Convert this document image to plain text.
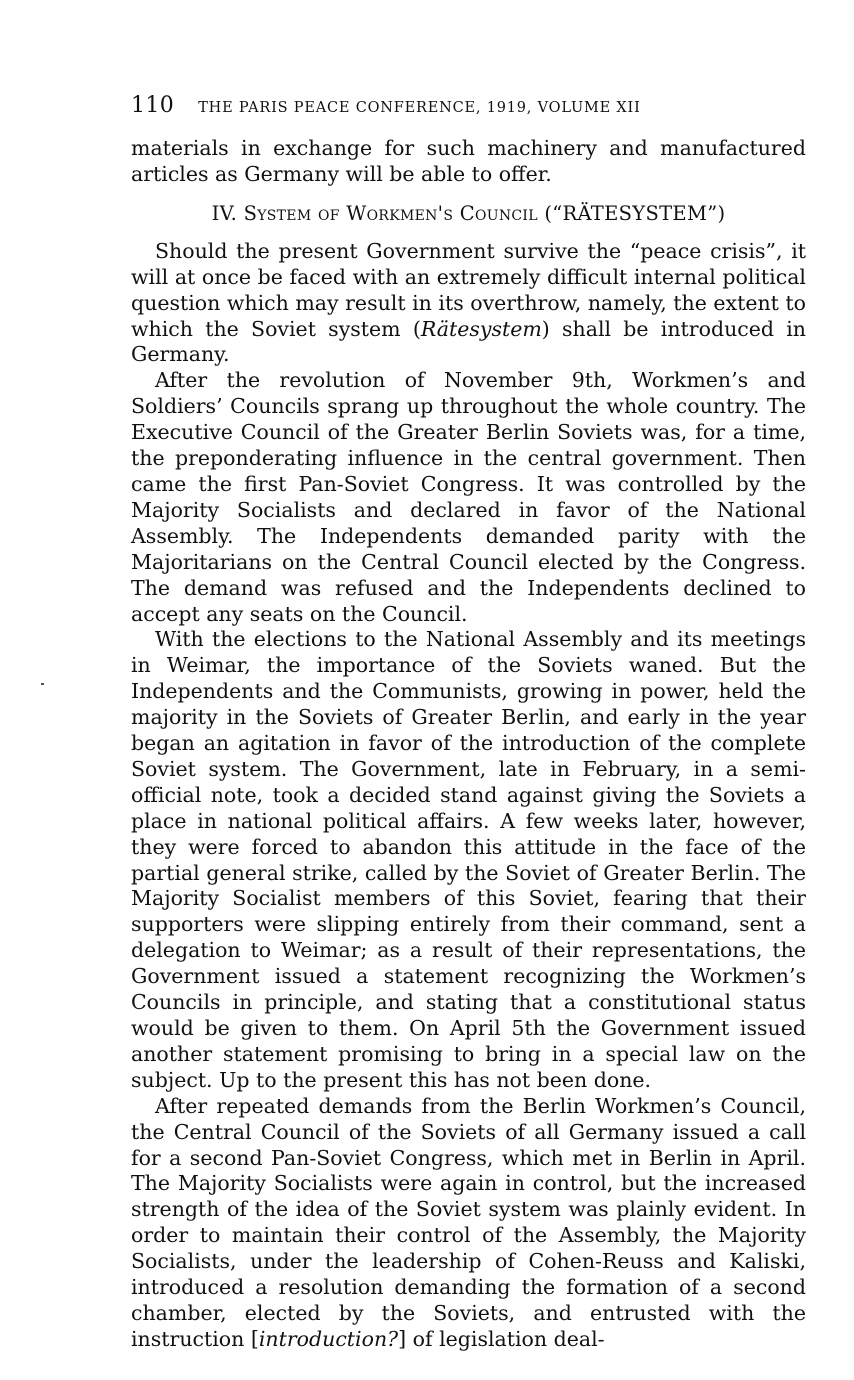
110 THE PARIS PEACE CONFERENCE, 1919, VOLUME XII

materials in exchange for such machinery and manufactured articles as Germany will be able to offer.

IV. System of Workmen's Council (“RÄTESYSTEM”)

Should the present Government survive the “peace crisis”, it will at once be faced with an extremely difficult internal political question which may result in its overthrow, namely, the extent to which the Soviet system (Rätesystem) shall be introduced in Germany.

After the revolution of November 9th, Workmen’s and Soldiers’ Councils sprang up throughout the whole country. The Executive Council of the Greater Berlin Soviets was, for a time, the preponderating influence in the central government. Then came the first Pan-Soviet Congress. It was controlled by the Majority Socialists and declared in favor of the National Assembly. The Independents demanded parity with the Majoritarians on the Central Council elected by the Congress. The demand was refused and the Independents declined to accept any seats on the Council.

With the elections to the National Assembly and its meetings in Weimar, the importance of the Soviets waned. But the Independents and the Communists, growing in power, held the majority in the Soviets of Greater Berlin, and early in the year began an agitation in favor of the introduction of the complete Soviet system. The Government, late in February, in a semi-official note, took a decided stand against giving the Soviets a place in national political affairs. A few weeks later, however, they were forced to abandon this attitude in the face of the partial general strike, called by the Soviet of Greater Berlin. The Majority Socialist members of this Soviet, fearing that their supporters were slipping entirely from their command, sent a delegation to Weimar; as a result of their representations, the Government issued a statement recognizing the Workmen’s Councils in principle, and stating that a constitutional status would be given to them. On April 5th the Government issued another statement promising to bring in a special law on the subject. Up to the present this has not been done.

After repeated demands from the Berlin Workmen’s Council, the Central Council of the Soviets of all Germany issued a call for a second Pan-Soviet Congress, which met in Berlin in April. The Majority Socialists were again in control, but the increased strength of the idea of the Soviet system was plainly evident. In order to maintain their control of the Assembly, the Majority Socialists, under the leadership of Cohen-Reuss and Kaliski, introduced a resolution demanding the formation of a second chamber, elected by the Soviets, and entrusted with the instruction [introduction?] of legislation deal-
